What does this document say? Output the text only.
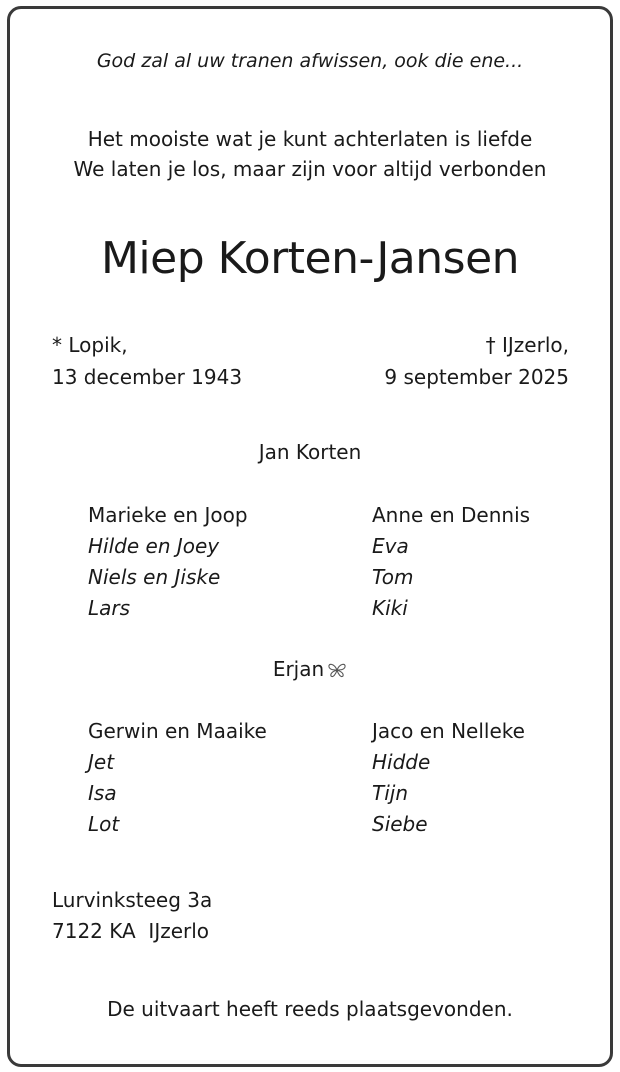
God zal al uw tranen afwissen, ook die ene...
Het mooiste wat je kunt achterlaten is liefde
We laten je los, maar zijn voor altijd verbonden
Miep Korten-Jansen
* Lopik,
13 december 1943
† IJzerlo,
9 september 2025
Jan Korten
Marieke en Joop
Hilde en Joey
Niels en Jiske
Lars
Anne en Dennis
Eva
Tom
Kiki
Erjan
Gerwin en Maaike
Jet
Isa
Lot
Jaco en Nelleke
Hidde
Tijn
Siebe
Lurvinksteeg 3a
7122 KA  IJzerlo
De uitvaart heeft reeds plaatsgevonden.
